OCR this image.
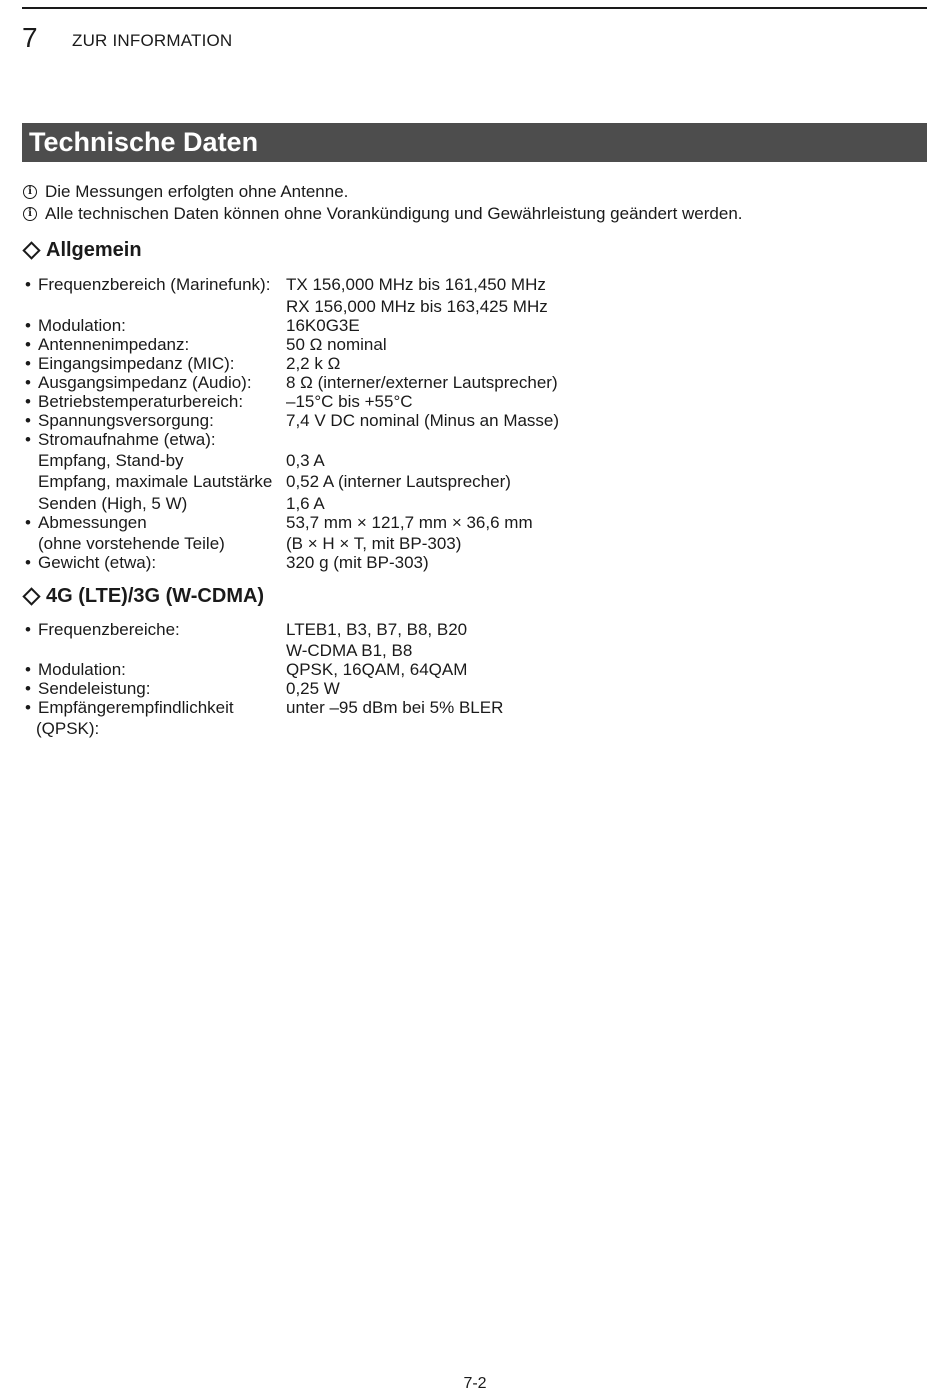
7 ZUR INFORMATION
Technische Daten
i Die Messungen erfolgten ohne Antenne.
i Alle technischen Daten können ohne Vorankündigung und Gewährleistung geändert werden.
Allgemein
• Frequenzbereich (Marinefunk): TX 156,000 MHz bis 161,450 MHz
RX 156,000 MHz bis 163,425 MHz
• Modulation:	16K0G3E
• Antennenimpedanz:	50 Ω nominal
• Eingangsimpedanz (MIC):	2,2 k Ω
• Ausgangsimpedanz (Audio): 8 Ω (interner/externer Lautsprecher)
• Betriebstemperaturbereich:	–15°C bis +55°C
• Spannungsversorgung:	7,4 V DC nominal (Minus an Masse)
• Stromaufnahme (etwa):
Empfang, Stand-by	0,3 A
Empfang, maximale Lautstärke 0,52 A (interner Lautsprecher)
Senden (High, 5 W)	1,6 A
• Abmessungen	53,7 mm × 121,7 mm × 36,6 mm
(ohne vorstehende Teile)	(B × H × T, mit BP-303)
• Gewicht (etwa):	320 g (mit BP-303)
4G (LTE)/3G (W-CDMA)
• Frequenzbereiche:	LTEB1, B3, B7, B8, B20
W-CDMA B1, B8
• Modulation:	QPSK, 16QAM, 64QAM
• Sendeleistung:	0,25 W
• Empfängerempfindlichkeit	unter –95 dBm bei 5% BLER
(QPSK):
7-2
